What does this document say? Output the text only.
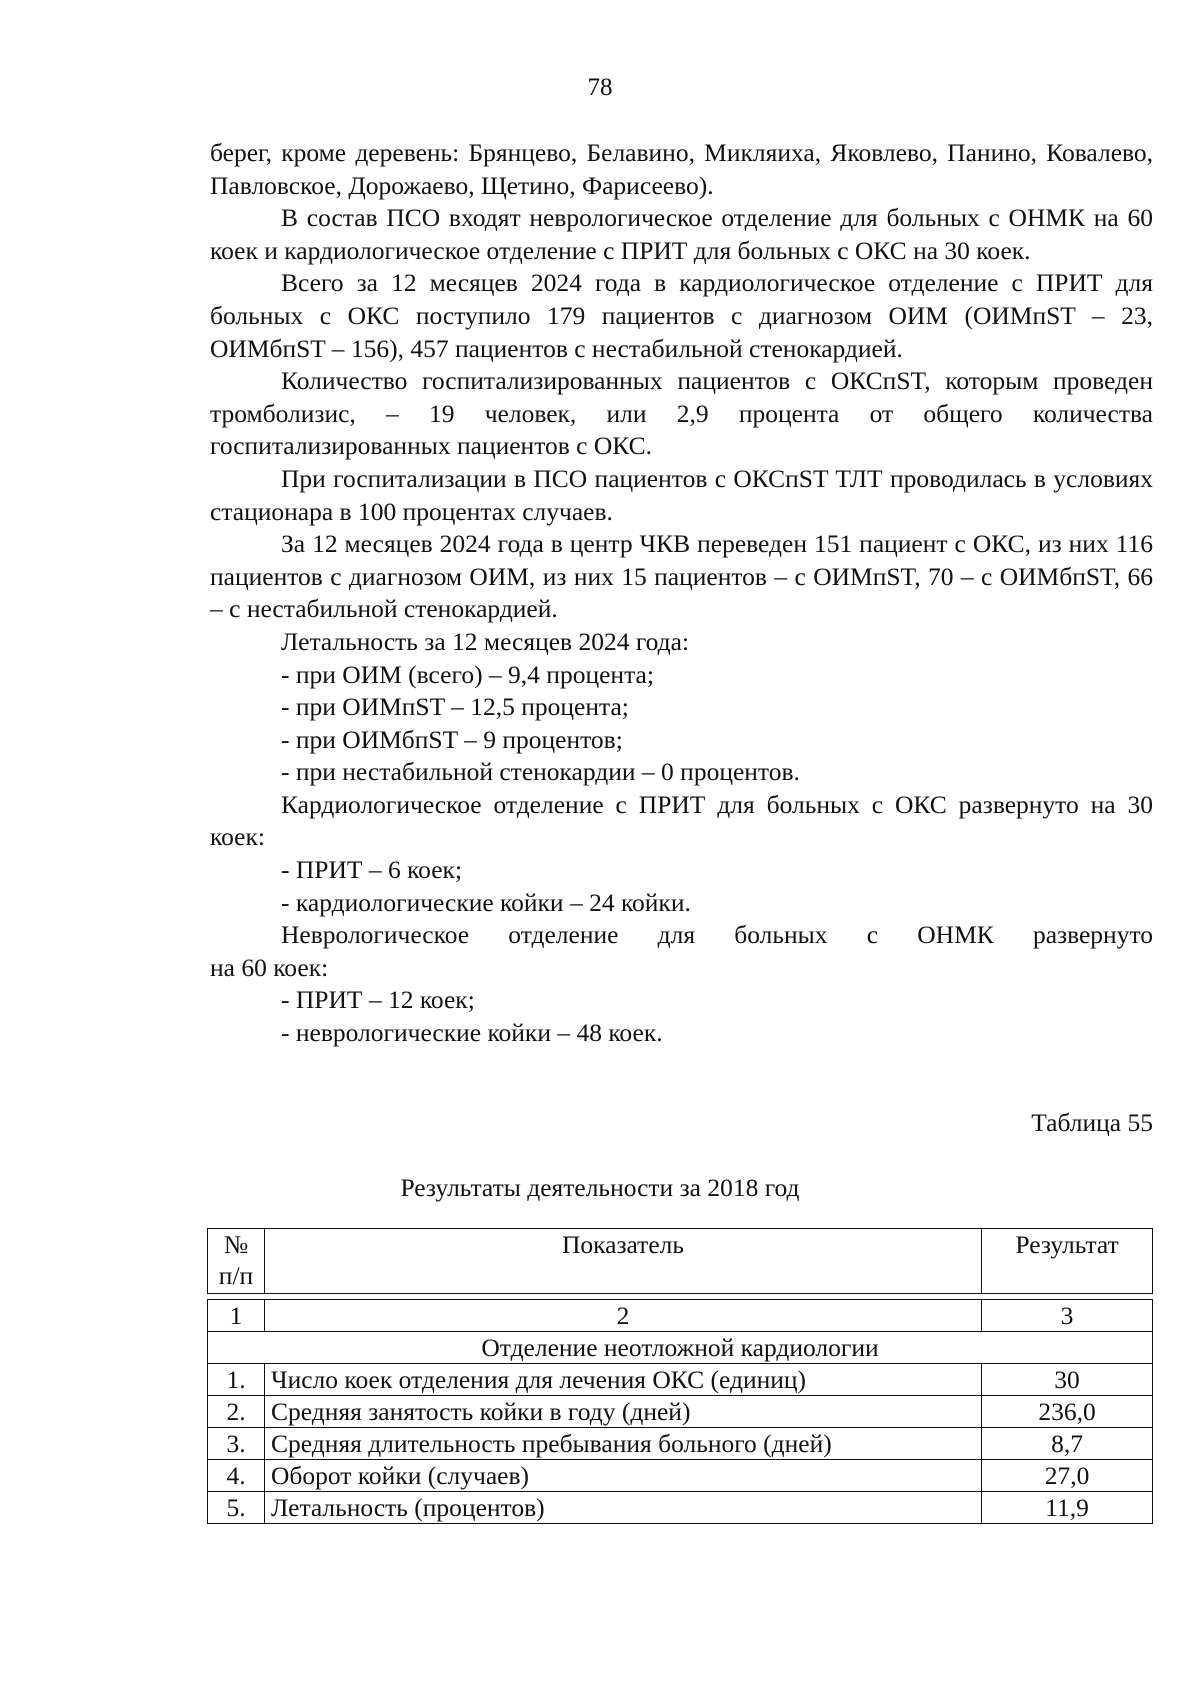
78

берег, кроме деревень: Брянцево, Белавино, Микляиха, Яковлево, Панино, Ковалево, Павловское, Дорожаево, Щетино, Фарисеево).

В состав ПСО входят неврологическое отделение для больных с ОНМК на 60 коек и кардиологическое отделение с ПРИТ для больных с ОКС на 30 коек.

Всего за 12 месяцев 2024 года в кардиологическое отделение с ПРИТ для больных с ОКС поступило 179 пациентов с диагнозом ОИМ (ОИМпST – 23, ОИМбпST – 156), 457 пациентов с нестабильной стенокардией.

Количество госпитализированных пациентов с ОКСпST, которым проведен тромболизис, – 19 человек, или 2,9 процента от общего количества госпитализированных пациентов с ОКС.

При госпитализации в ПСО пациентов с ОКСпST ТЛТ проводилась в условиях стационара в 100 процентах случаев.

За 12 месяцев 2024 года в центр ЧКВ переведен 151 пациент с ОКС, из них 116 пациентов с диагнозом ОИМ, из них 15 пациентов – с ОИМпST, 70 – с ОИМбпST, 66 – с нестабильной стенокардией.

Летальность за 12 месяцев 2024 года:

- при ОИМ (всего) – 9,4 процента;

- при ОИМпST – 12,5 процента;

- при ОИМбпST – 9 процентов;

- при нестабильной стенокардии – 0 процентов.

Кардиологическое отделение с ПРИТ для больных с ОКС развернуто на 30 коек:

- ПРИТ – 6 коек;

- кардиологические койки – 24 койки.

Неврологическое отделение для больных с ОНМК развернуто

на 60 коек:

- ПРИТ – 12 коек;

- неврологические койки – 48 коек.

Таблица 55
Результаты деятельности за 2018 год
№ п/п	Показатель	Результат

1	2	3
Отделение неотложной кардиологии		
1.	Число коек отделения для лечения ОКС (единиц)	30
2.	Средняя занятость койки в году (дней)	236,0
3.	Средняя длительность пребывания больного (дней)	8,7
4.	Оборот койки (случаев)	27,0
5.	Летальность (процентов)	11,9
